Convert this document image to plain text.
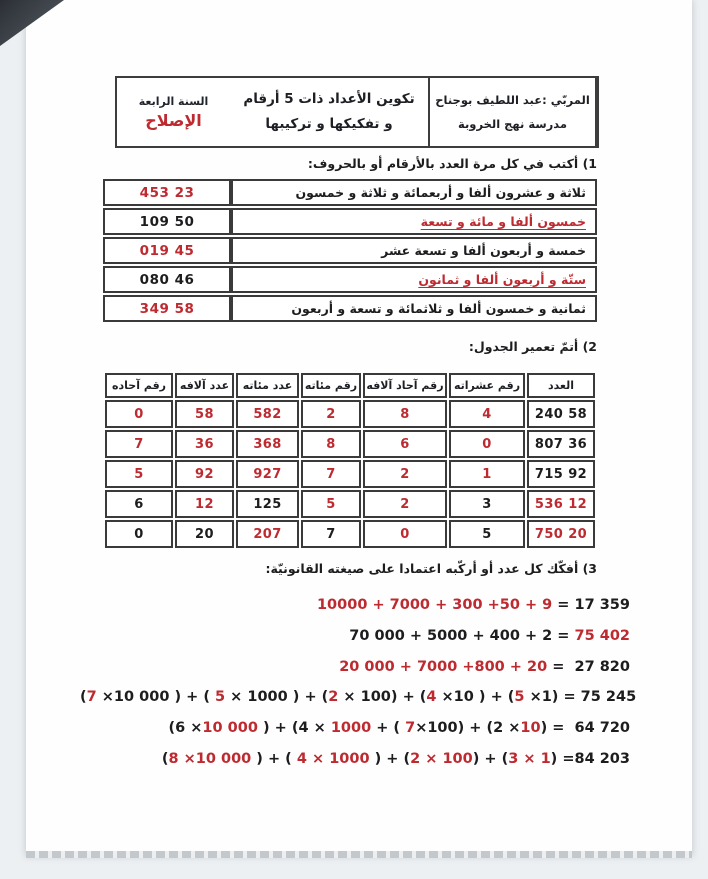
السنة الرابعة
الإصلاح
تكوين الأعداد ذات 5 أرقام
و تفكيكها و تركيبها
المربّي :عبد اللطيف بوجناح
مدرسة نهج الخروبة
1) أكتب في كل مرة العدد بالأرقام أو بالحروف:
ثلاثة و عشرون ألفا و أربعمائة و ثلاثة و خمسون	23 453
خمسون ألفا و مائة و تسعة	50 109
خمسة و أربعون ألفا و تسعة عشر	45 019
ستّة و أربعون ألفا و ثمانون	46 080
ثمانية و خمسون ألفا و ثلاثمائة و تسعة و أربعون	58 349
2) أتمّ تعمير الجدول:
العدد	رقم عشراته	رقم آحاد آلافه	رقم مئاته	عدد مئاته	عدد آلافه	رقم آحاده
58 240	4	8	2	582	58	0
36 807	0	6	8	368	36	7
92 715	1	2	7	927	92	5
12 536	3	2	5	125	12	6
20 750	5	0	7	207	20	0
3) أفكّك كل عدد أو أركّبه اعتمادا على صيغته القانونيّة:
10000 + 7000 + 300 +50 + 9 = 17 359
70 000 + 5000 + 400 + 2 = 75 402
20 000 + 7000 +800 + 20 =  27 820
(7 ×10 000 ) + ( 5 × 1000 ) + (2 × 100) + (4 ×10 ) + (5 ×1) = 75 245
(6 ×10 000 ) + (4 × 1000 + ( 7×100) + (2 ×10) =  64 720
(8 ×10 000 ) + ( 4 × 1000 ) + (2 × 100) + (3 × 1) =84 203
